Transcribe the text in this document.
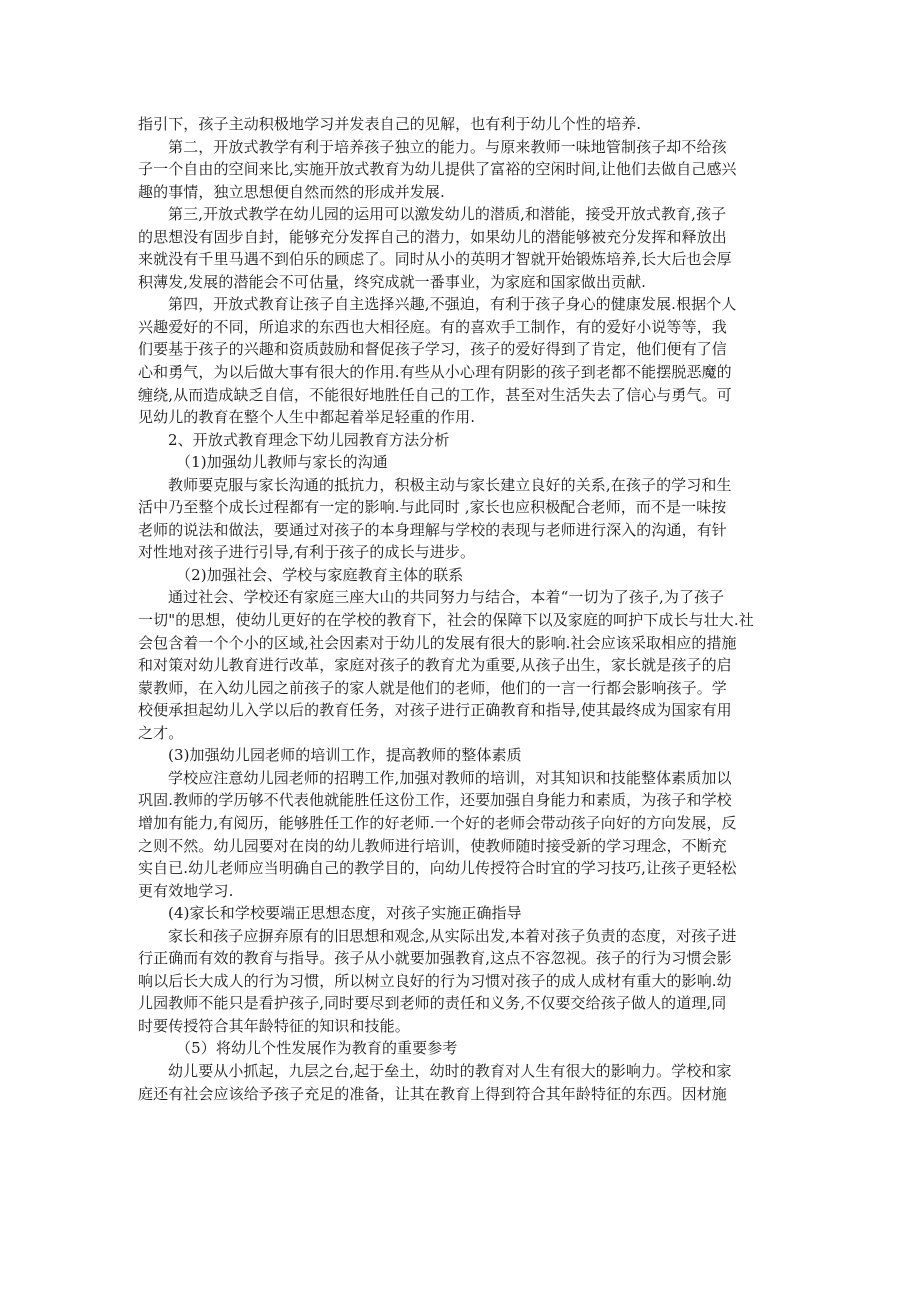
指引下，孩子主动积极地学习并发表自己的见解，也有利于幼儿个性的培养.
第二，开放式教学有利于培养孩子独立的能力。与原来教师一味地管制孩子却不给孩
子一个自由的空间来比,实施开放式教育为幼儿提供了富裕的空闲时间,让他们去做自己感兴
趣的事情，独立思想便自然而然的形成并发展.
第三,开放式教学在幼儿园的运用可以激发幼儿的潜质,和潜能，接受开放式教育,孩子
的思想没有固步自封，能够充分发挥自己的潜力，如果幼儿的潜能够被充分发挥和释放出
来就没有千里马遇不到伯乐的顾虑了。同时从小的英明才智就开始锻炼培养,长大后也会厚
积薄发,发展的潜能会不可估量，终究成就一番事业，为家庭和国家做出贡献.
第四，开放式教育让孩子自主选择兴趣,不强迫，有利于孩子身心的健康发展.根据个人
兴趣爱好的不同，所追求的东西也大相径庭。有的喜欢手工制作，有的爱好小说等等，我
们要基于孩子的兴趣和资质鼓励和督促孩子学习，孩子的爱好得到了肯定，他们便有了信
心和勇气，为以后做大事有很大的作用.有些从小心理有阴影的孩子到老都不能摆脱恶魔的
缠绕,从而造成缺乏自信，不能很好地胜任自己的工作，甚至对生活失去了信心与勇气。可
见幼儿的教育在整个人生中都起着举足轻重的作用.
2、开放式教育理念下幼儿园教育方法分析
（1)加强幼儿教师与家长的沟通
教师要克服与家长沟通的抵抗力，积极主动与家长建立良好的关系,在孩子的学习和生
活中乃至整个成长过程都有一定的影响.与此同时 ,家长也应积极配合老师，而不是一味按
老师的说法和做法，要通过对孩子的本身理解与学校的表现与老师进行深入的沟通，有针
对性地对孩子进行引导,有利于孩子的成长与进步。
（2)加强社会、学校与家庭教育主体的联系
通过社会、学校还有家庭三座大山的共同努力与结合，本着“一切为了孩子,为了孩子
一切"的思想，使幼儿更好的在学校的教育下，社会的保障下以及家庭的呵护下成长与壮大.社
会包含着一个个小的区域,社会因素对于幼儿的发展有很大的影响.社会应该采取相应的措施
和对策对幼儿教育进行改革，家庭对孩子的教育尤为重要,从孩子出生，家长就是孩子的启
蒙教师，在入幼儿园之前孩子的家人就是他们的老师，他们的一言一行都会影响孩子。学
校便承担起幼儿入学以后的教育任务，对孩子进行正确教育和指导,使其最终成为国家有用
之才。
(3)加强幼儿园老师的培训工作，提高教师的整体素质
学校应注意幼儿园老师的招聘工作,加强对教师的培训，对其知识和技能整体素质加以
巩固.教师的学历够不代表他就能胜任这份工作，还要加强自身能力和素质，为孩子和学校
增加有能力,有阅历，能够胜任工作的好老师.一个好的老师会带动孩子向好的方向发展，反
之则不然。幼儿园要对在岗的幼儿教师进行培训，使教师随时接受新的学习理念，不断充
实自已.幼儿老师应当明确自己的教学目的，向幼儿传授符合时宜的学习技巧,让孩子更轻松
更有效地学习.
(4)家长和学校要端正思想态度，对孩子实施正确指导
家长和孩子应摒弃原有的旧思想和观念,从实际出发,本着对孩子负责的态度，对孩子进
行正确而有效的教育与指导。孩子从小就要加强教育,这点不容忽视。孩子的行为习惯会影
响以后长大成人的行为习惯，所以树立良好的行为习惯对孩子的成人成材有重大的影响.幼
儿园教师不能只是看护孩子,同时要尽到老师的责任和义务,不仅要交给孩子做人的道理,同
时要传授符合其年龄特征的知识和技能。
（5）将幼儿个性发展作为教育的重要参考
幼儿要从小抓起，九层之台,起于垒土，幼时的教育对人生有很大的影响力。学校和家
庭还有社会应该给予孩子充足的准备，让其在教育上得到符合其年龄特征的东西。因材施
